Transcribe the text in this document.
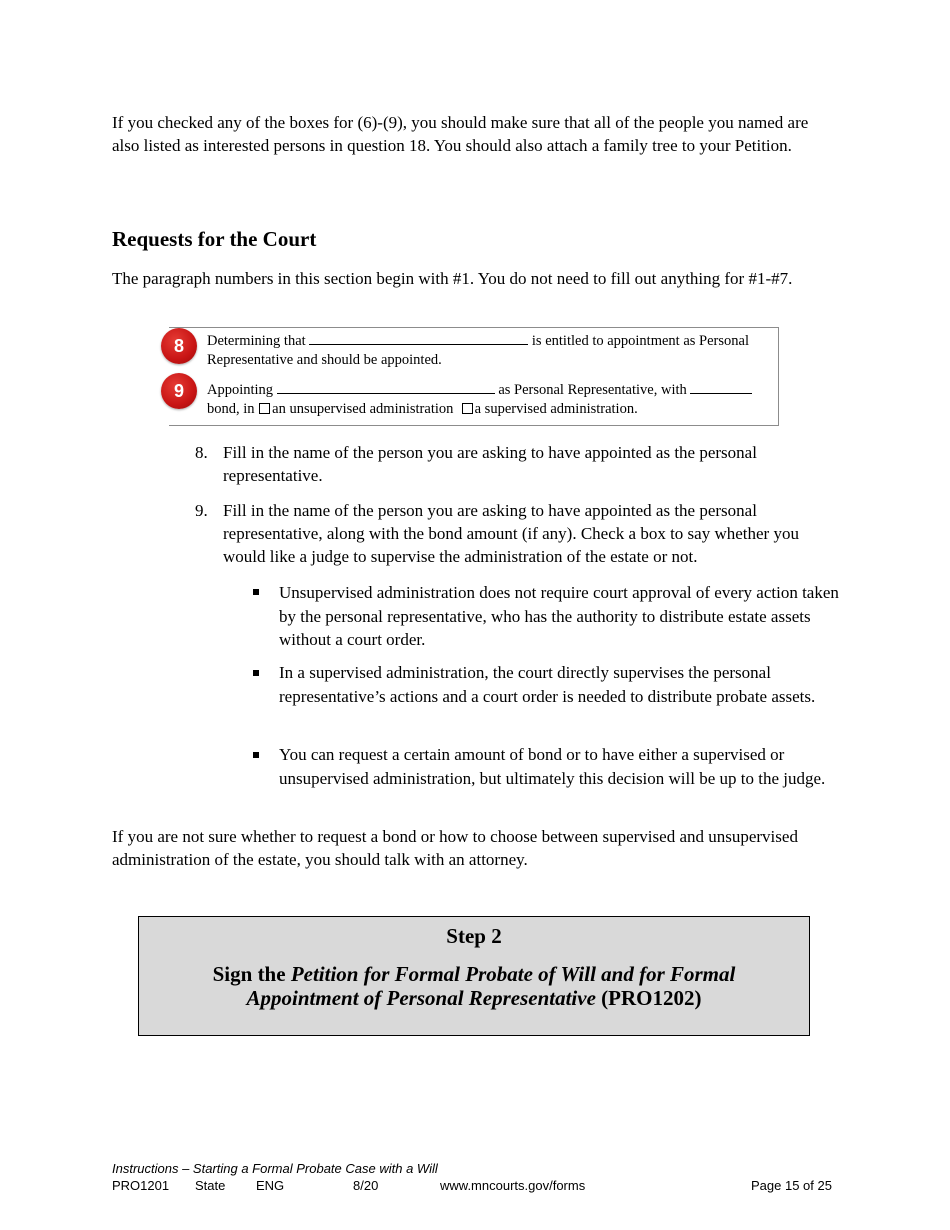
If you checked any of the boxes for (6)-(9), you should make sure that all of the people you named are also listed as interested persons in question 18. You should also attach a family tree to your Petition.

Requests for the Court

The paragraph numbers in this section begin with #1. You do not need to fill out anything for #1-#7.

8	Determining that	is entitled to appointment as Personal
Representative and should be appointed.
9	Appointing	as Personal Representative, with
bond, in an unsupervised administration a supervised administration.
8. Fill in the name of the person you are asking to have appointed as the personal representative.

9. Fill in the name of the person you are asking to have appointed as the personal representative, along with the bond amount (if any). Check a box to say whether you would like a judge to supervise the administration of the estate or not.

Unsupervised administration does not require court approval of every action taken by the personal representative, who has the authority to distribute estate assets without a court order.

In a supervised administration, the court directly supervises the personal representative’s actions and a court order is needed to distribute probate assets.

You can request a certain amount of bond or to have either a supervised or unsupervised administration, but ultimately this decision will be up to the judge.

If you are not sure whether to request a bond or how to choose between supervised and unsupervised administration of the estate, you should talk with an attorney.

Step 2
Sign the Petition for Formal Probate of Will and for Formal
Appointment of Personal Representative (PRO1202)
Instructions – Starting a Formal Probate Case with a Will
PRO1201 State ENG	8/20	www.mncourts.gov/forms	Page 15 of 25
